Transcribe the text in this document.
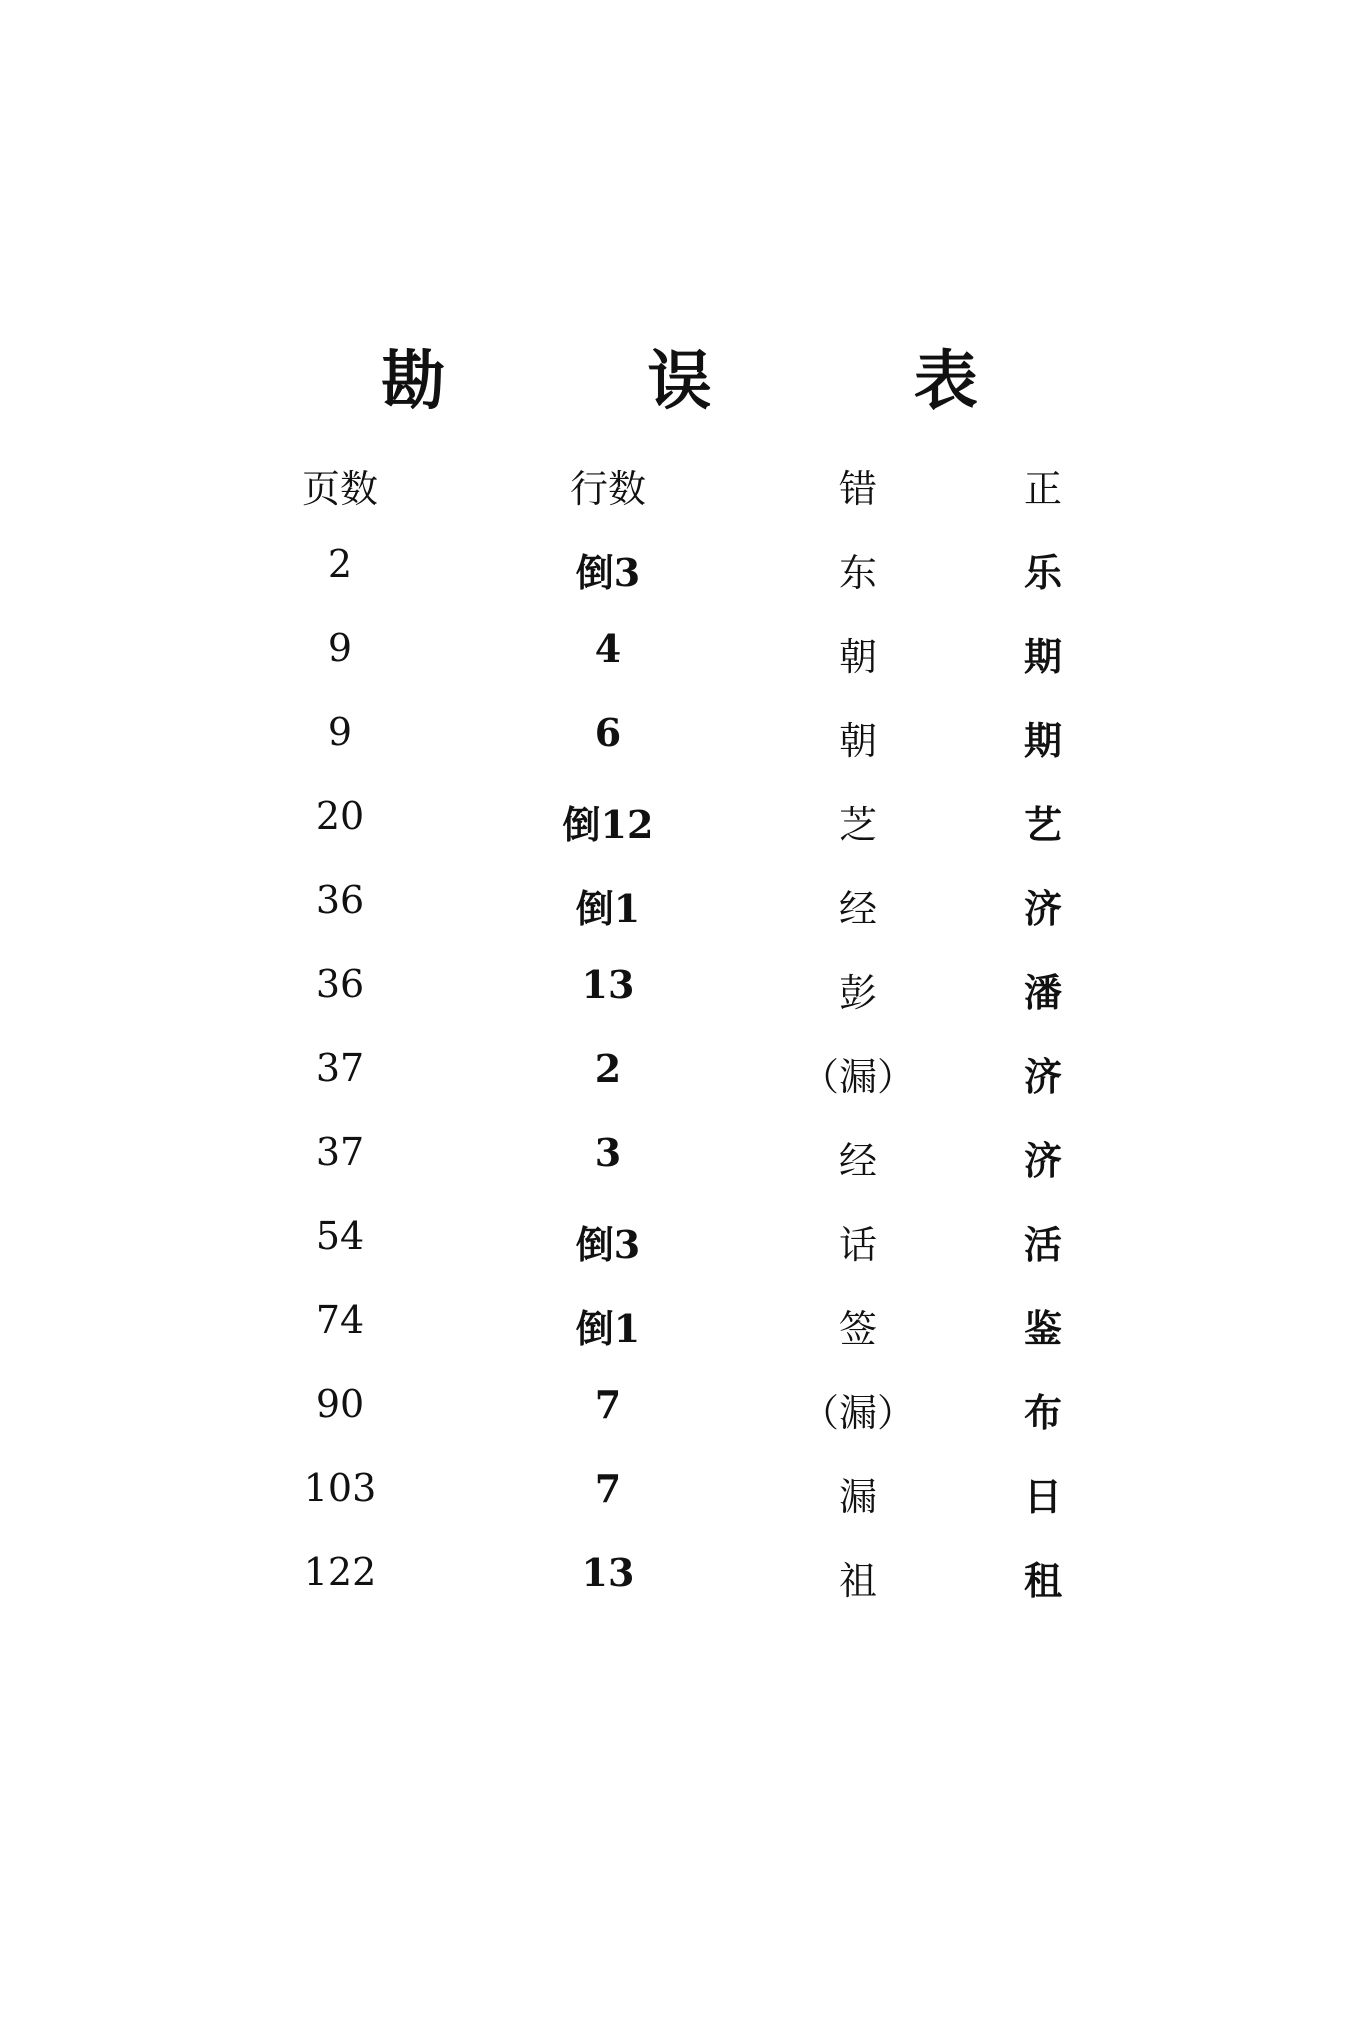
勘 误 表
页数	行数	错	正
2	倒3	东	乐
9	4	朝	期
9	6	朝	期
20	倒12	芝	艺
36	倒1	经	济
36	13	彭	潘
37	2	（漏）	济
37	3	经	济
54	倒3	话	活
74	倒1	签	鉴
90	7	（漏）	布
103	7	漏	日
122	13	祖	租
